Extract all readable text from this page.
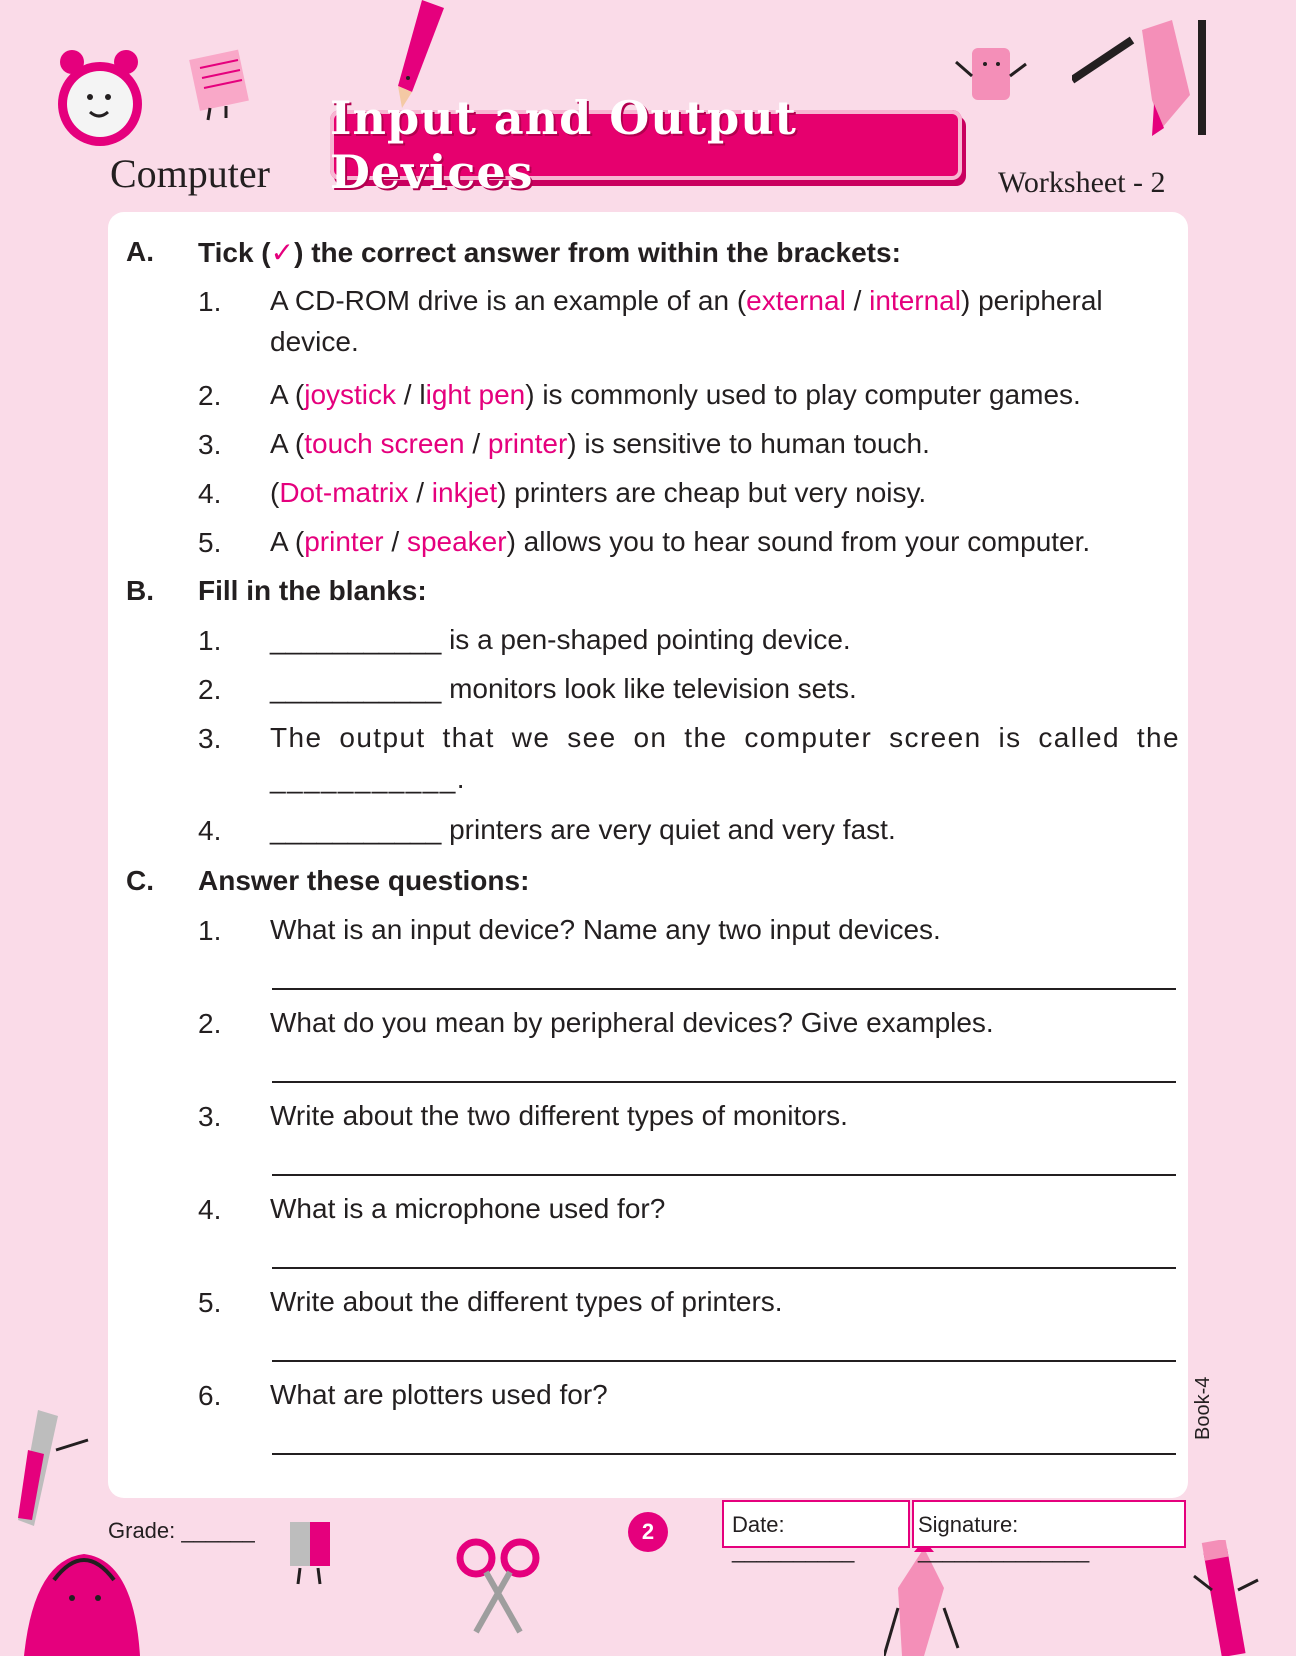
Computer
Input and Output Devices	Worksheet - 2
A. Tick (✓) the correct answer from within the brackets:
1. A CD-ROM drive is an example of an (external / internal) peripheral device.
2. A (joystick / light pen) is commonly used to play computer games.
3. A (touch screen / printer) is sensitive to human touch.
4. (Dot-matrix / inkjet) printers are cheap but very noisy.
5. A (printer / speaker) allows you to hear sound from your computer.
B. Fill in the blanks:
1. ___________ is a pen-shaped pointing device.
2. ___________ monitors look like television sets.
3. The output that we see on the computer screen is called the ___________.
4. ___________ printers are very quiet and very fast.
C. Answer these questions:
1. What is an input device? Name any two input devices.
2. What do you mean by peripheral devices? Give examples.
3. Write about the two different types of monitors.
4. What is a microphone used for?
5. Write about the different types of printers.
6. What are plotters used for?	Book-4
Grade: ______	2	Date: __________
Signature: ______________
